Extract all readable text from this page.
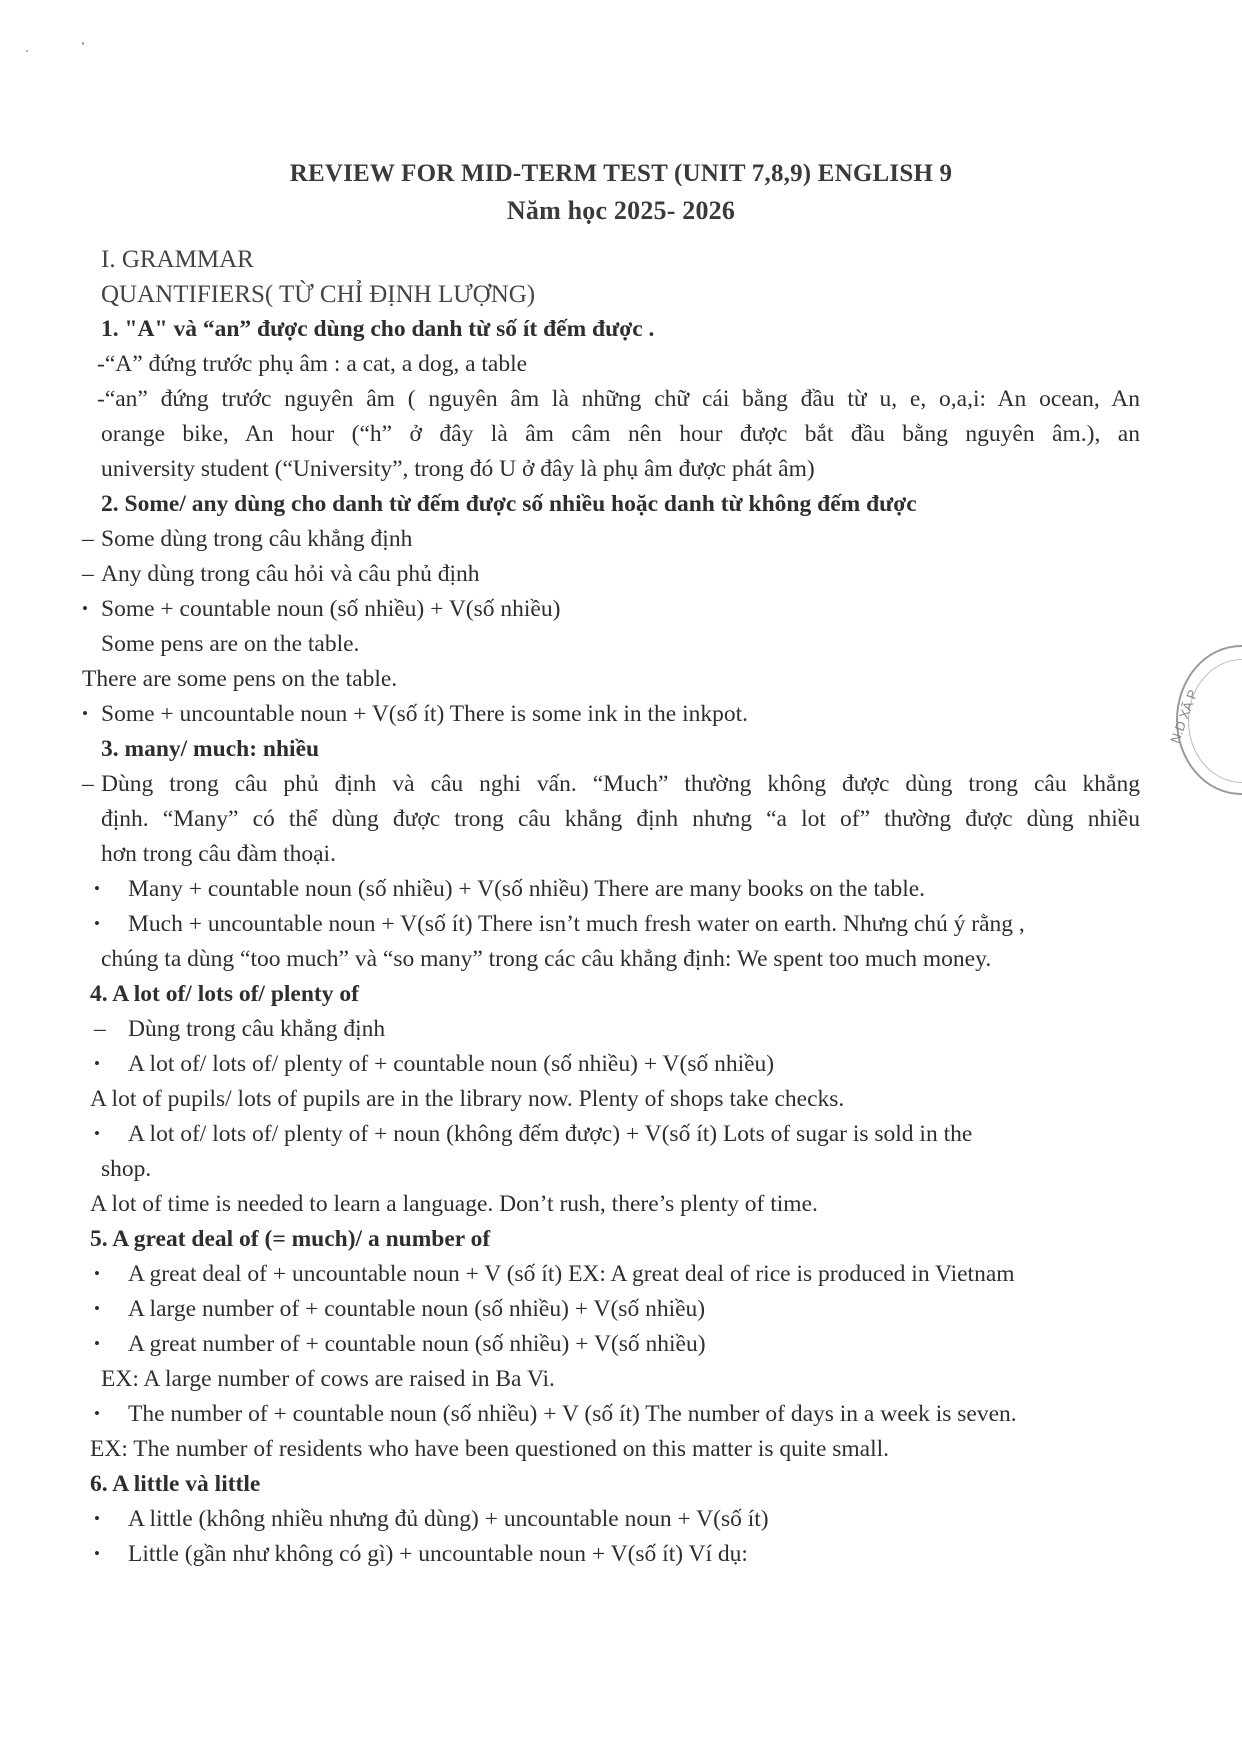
REVIEW FOR MID-TERM TEST (UNIT 7,8,9) ENGLISH 9
Năm học 2025- 2026
I. GRAMMAR
QUANTIFIERS( TỪ CHỈ ĐỊNH LƯỢNG)
1. "A" và “an” được dùng cho danh từ số ít đếm được .
-“A” đứng trước phụ âm : a cat, a dog, a table
-“an” đứng trước nguyên âm ( nguyên âm là những chữ cái bằng đầu từ u, e, o,a,i: An ocean, An
orange bike, An hour (“h” ở đây là âm câm nên hour được bắt đầu bằng nguyên âm.), an
university student (“University”, trong đó U ở đây là phụ âm được phát âm)
2. Some/ any dùng cho danh từ đếm được số nhiều hoặc danh từ không đếm được
– Some dùng trong câu khẳng định
– Any dùng trong câu hỏi và câu phủ định
• Some + countable noun (số nhiều) + V(số nhiều)
Some pens are on the table.
There are some pens on the table.
• Some + uncountable noun + V(số ít) There is some ink in the inkpot.
3. many/ much: nhiều
– Dùng trong câu phủ định và câu nghi vấn. “Much” thường không được dùng trong câu khẳng
định. “Many” có thể dùng được trong câu khẳng định nhưng “a lot of” thường được dùng nhiều
hơn trong câu đàm thoại.
• Many + countable noun (số nhiều) + V(số nhiều) There are many books on the table.
• Much + uncountable noun + V(số ít) There isn’t much fresh water on earth. Nhưng chú ý rằng ,
chúng ta dùng “too much” và “so many” trong các câu khẳng định: We spent too much money.
4. A lot of/ lots of/ plenty of
– Dùng trong câu khẳng định
• A lot of/ lots of/ plenty of + countable noun (số nhiều) + V(số nhiều)
A lot of pupils/ lots of pupils are in the library now. Plenty of shops take checks.
• A lot of/ lots of/ plenty of + noun (không đếm được) + V(số ít) Lots of sugar is sold in the
shop.
A lot of time is needed to learn a language. Don’t rush, there’s plenty of time.
5. A great deal of (= much)/ a number of
• A great deal of + uncountable noun + V (số ít) EX: A great deal of rice is produced in Vietnam
• A large number of + countable noun (số nhiều) + V(số nhiều)
• A great number of + countable noun (số nhiều) + V(số nhiều)
EX: A large number of cows are raised in Ba Vi.
• The number of + countable noun (số nhiều) + V (số ít) The number of days in a week is seven.
EX: The number of residents who have been questioned on this matter is quite small.
6. A little và little
• A little (không nhiều nhưng đủ dùng) + uncountable noun + V(số ít)
• Little (gần như không có gì) + uncountable noun + V(số ít) Ví dụ:
N.D XÃ P
